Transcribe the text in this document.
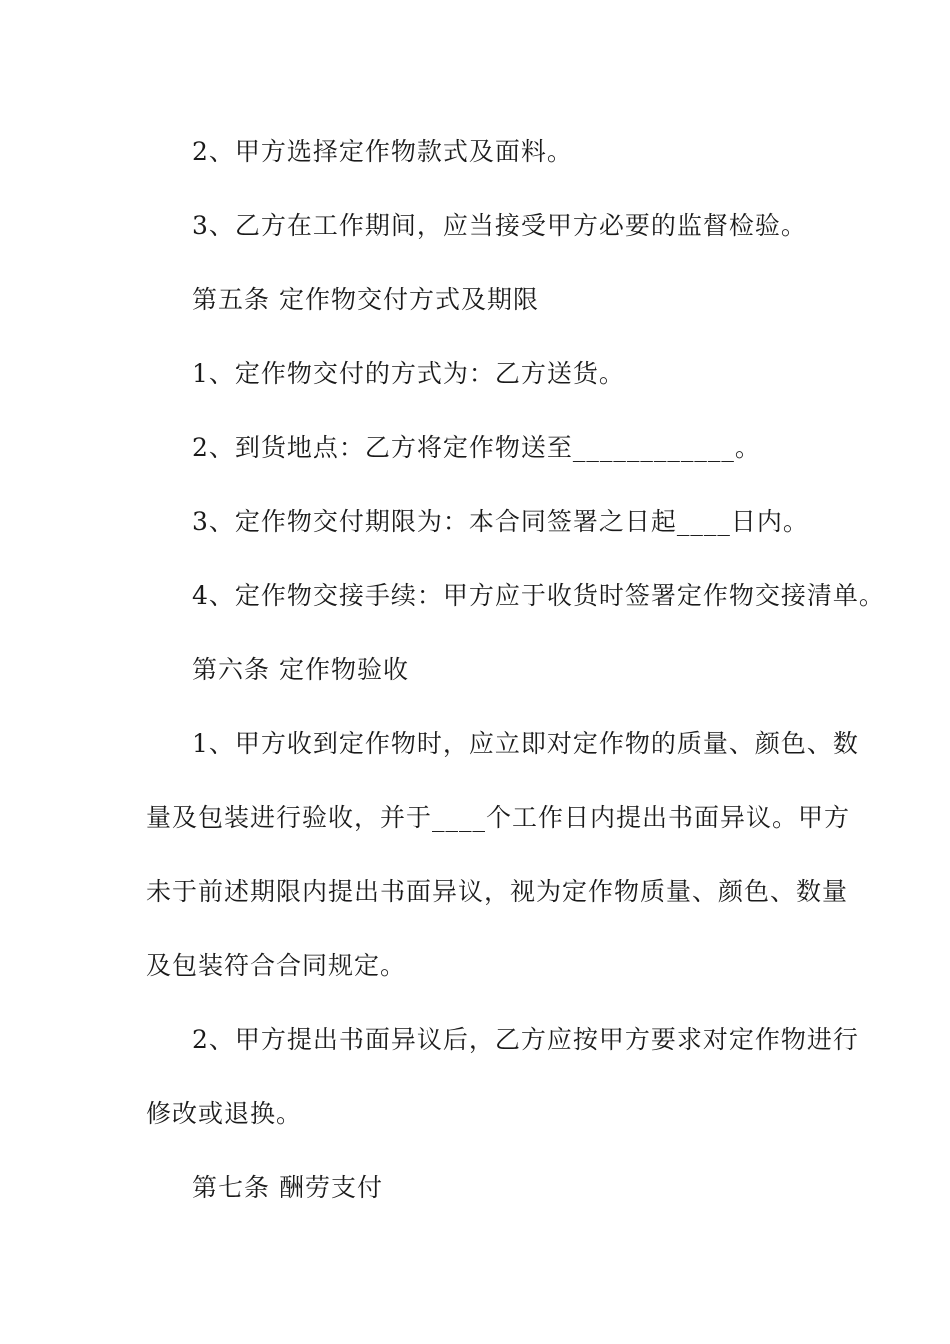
2、甲方选择定作物款式及面料。
3、乙方在工作期间，应当接受甲方必要的监督检验。
第五条 定作物交付方式及期限
1、定作物交付的方式为：乙方送货。
2、到货地点：乙方将定作物送至____________。
3、定作物交付期限为：本合同签署之日起____日内。
4、定作物交接手续：甲方应于收货时签署定作物交接清单。
第六条 定作物验收
1、甲方收到定作物时，应立即对定作物的质量、颜色、数
量及包装进行验收，并于____个工作日内提出书面异议。甲方
未于前述期限内提出书面异议，视为定作物质量、颜色、数量
及包装符合合同规定。
2、甲方提出书面异议后，乙方应按甲方要求对定作物进行
修改或退换。
第七条 酬劳支付
